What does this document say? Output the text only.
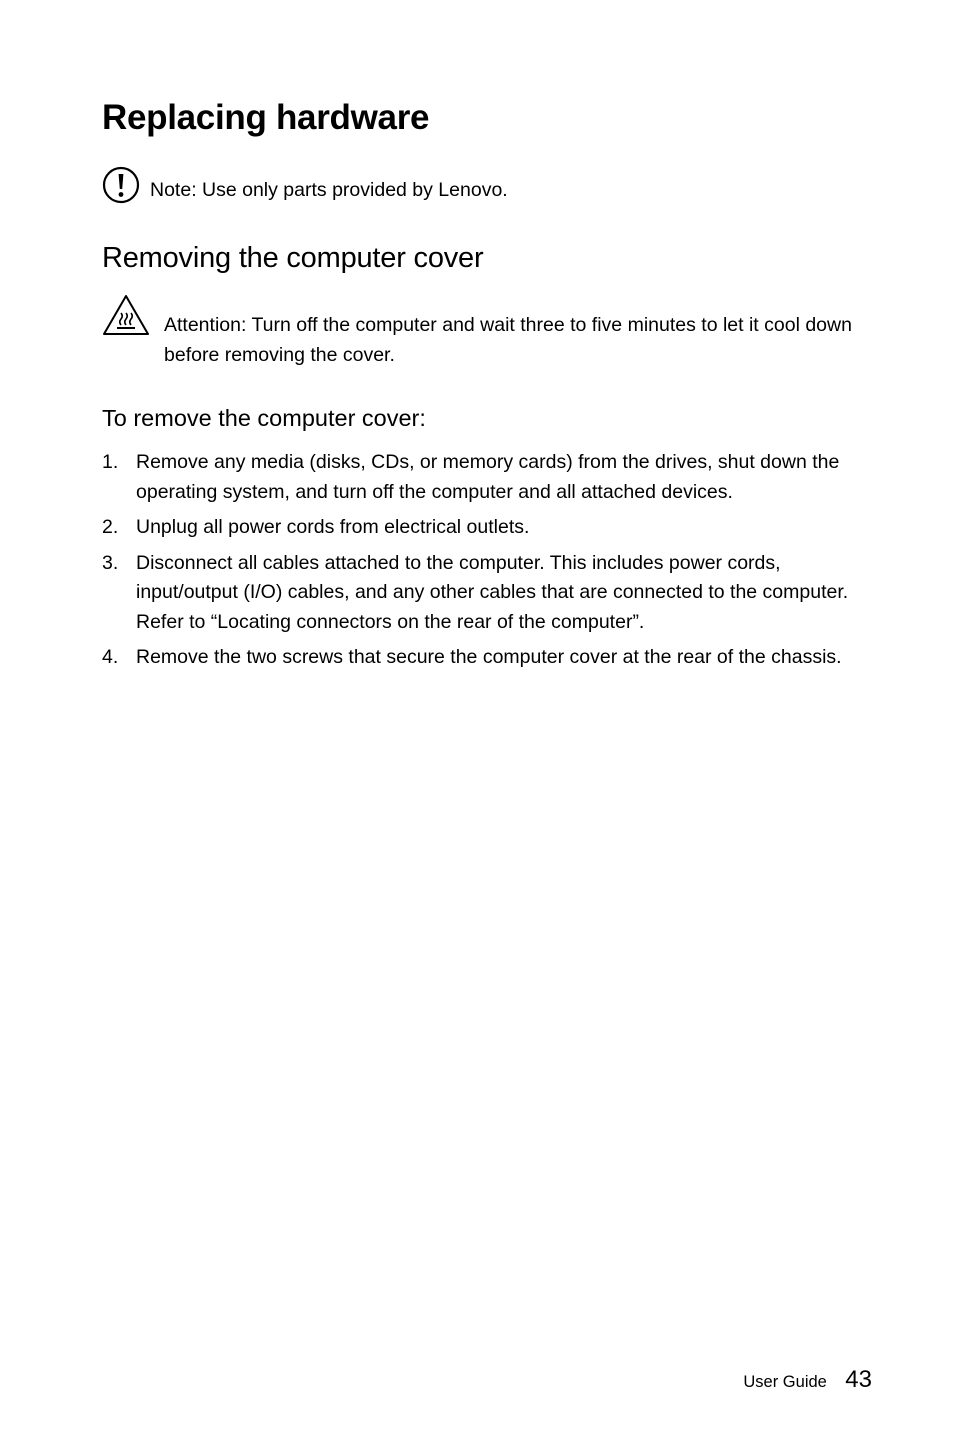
Replacing hardware
Note: Use only parts provided by Lenovo.
Removing the computer cover
Attention: Turn off the computer and wait three to five minutes to let it cool down before removing the cover.
To remove the computer cover:
1. Remove any media (disks, CDs, or memory cards) from the drives, shut down the operating system, and turn off the computer and all attached devices.
2. Unplug all power cords from electrical outlets.
3. Disconnect all cables attached to the computer. This includes power cords, input/output (I/O) cables, and any other cables that are connected to the computer. Refer to “Locating connectors on the rear of the computer”.
4. Remove the two screws that secure the computer cover at the rear of the chassis.
User Guide 43
